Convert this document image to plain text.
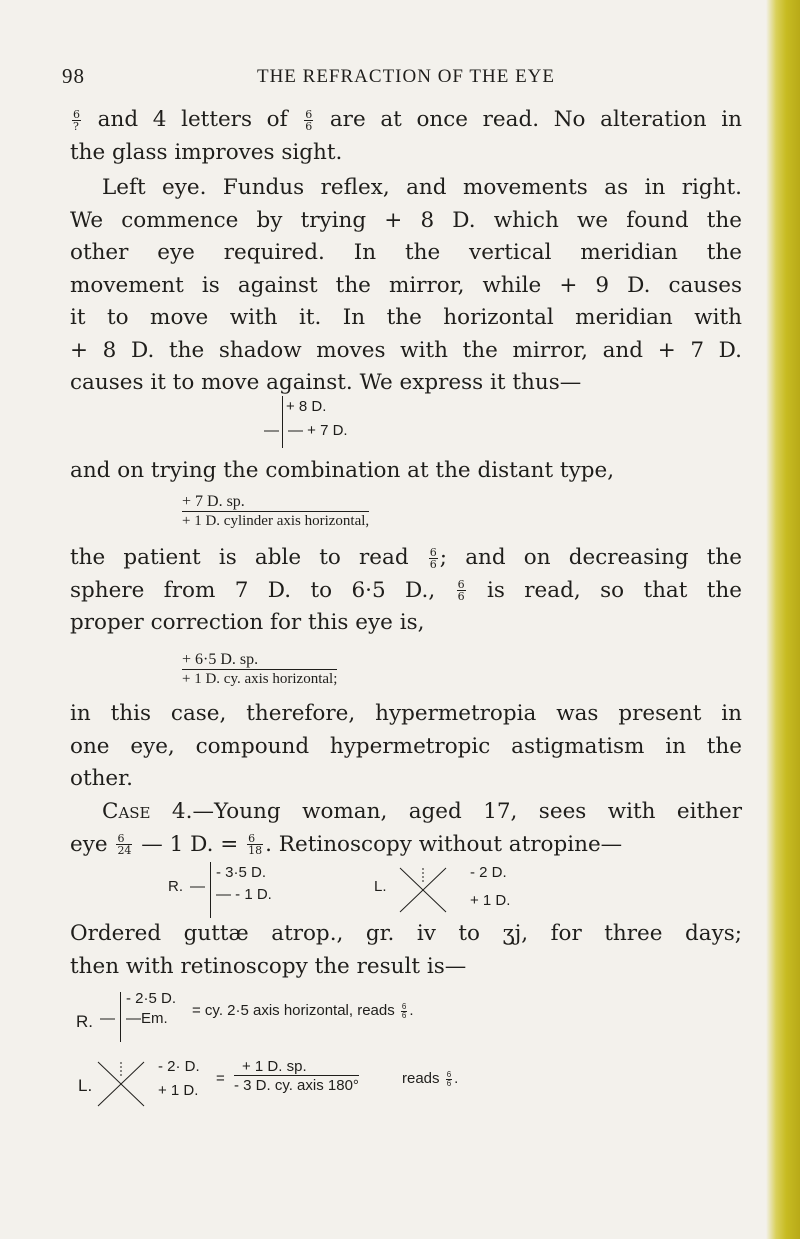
98	THE REFRACTION OF THE EYE
$\frac{6}{?}$ and 4 letters of $\frac{6}{6}$ are at once read. No alteration in
the glass improves sight.
Left eye. Fundus reflex, and movements as in right.
We commence by trying + 8 D. which we found the
other eye required. In the vertical meridian the
movement is against the mirror, while + 9 D. causes
it to move with it. In the horizontal meridian with
+ 8 D. the shadow moves with the mirror, and + 7 D.
causes it to move against. We express it thus—
+ 8 D.
— — + 7 D.
and on trying the combination at the distant type,
+ 7 D. sp.
+ 1 D. cylinder axis horizontal,
the patient is able to read $\frac{6}{6}$ ; and on decreasing the
sphere from 7 D. to 6·5 D., $\frac{6}{6}$ is read, so that the
proper correction for this eye is,
+ 6·5 D. sp.
+ 1 D. cy. axis horizontal;
in this case, therefore, hypermetropia was present in
one eye, compound hypermetropic astigmatism in the
other.
Case 4.—Young woman, aged 17, sees with either
eye $\frac{6}{24}$ — 1 D. = $\frac{6}{18}$ . Retinoscopy without atropine—
R. —
- 3·5 D.
— - 1 D.	L.
- 2 D.
+ 1 D.
Ordered guttæ atrop., gr. iv to ʒj, for three days;
then with retinoscopy the result is—
R. —
- 2·5 D.
—Em. = cy. 2·5 axis horizontal, reads $\frac{6}{6}$ .
L.
- 2· D.
+ 1 D.
=
+ 1 D. sp.
- 3 D. cy. axis 180°	reads $\frac{6}{6}$ .
